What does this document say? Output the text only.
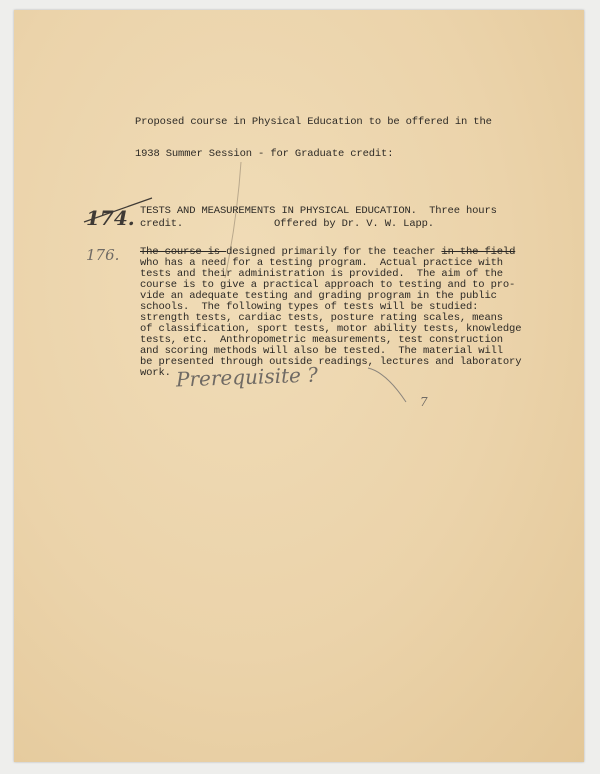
Proposed course in Physical Education to be offered in the
1938 Summer Session - for Graduate credit:
174. TESTS AND MEASUREMENTS IN PHYSICAL EDUCATION.  Three hours
credit.	Offered by Dr. V. W. Lapp.
176. The course is designed primarily for the teacher in the field
who has a need for a testing program.  Actual practice with
tests and their administration is provided.  The aim of the
course is to give a practical approach to testing and to pro-
vide an adequate testing and grading program in the public
schools.  The following types of tests will be studied:
strength tests, cardiac tests, posture rating scales, means
of classification, sport tests, motor ability tests, knowledge
tests, etc.  Anthropometric measurements, test construction
and scoring methods will also be tested.  The material will
be presented through outside readings, lectures and laboratory
work. Prerequisite ?
7
